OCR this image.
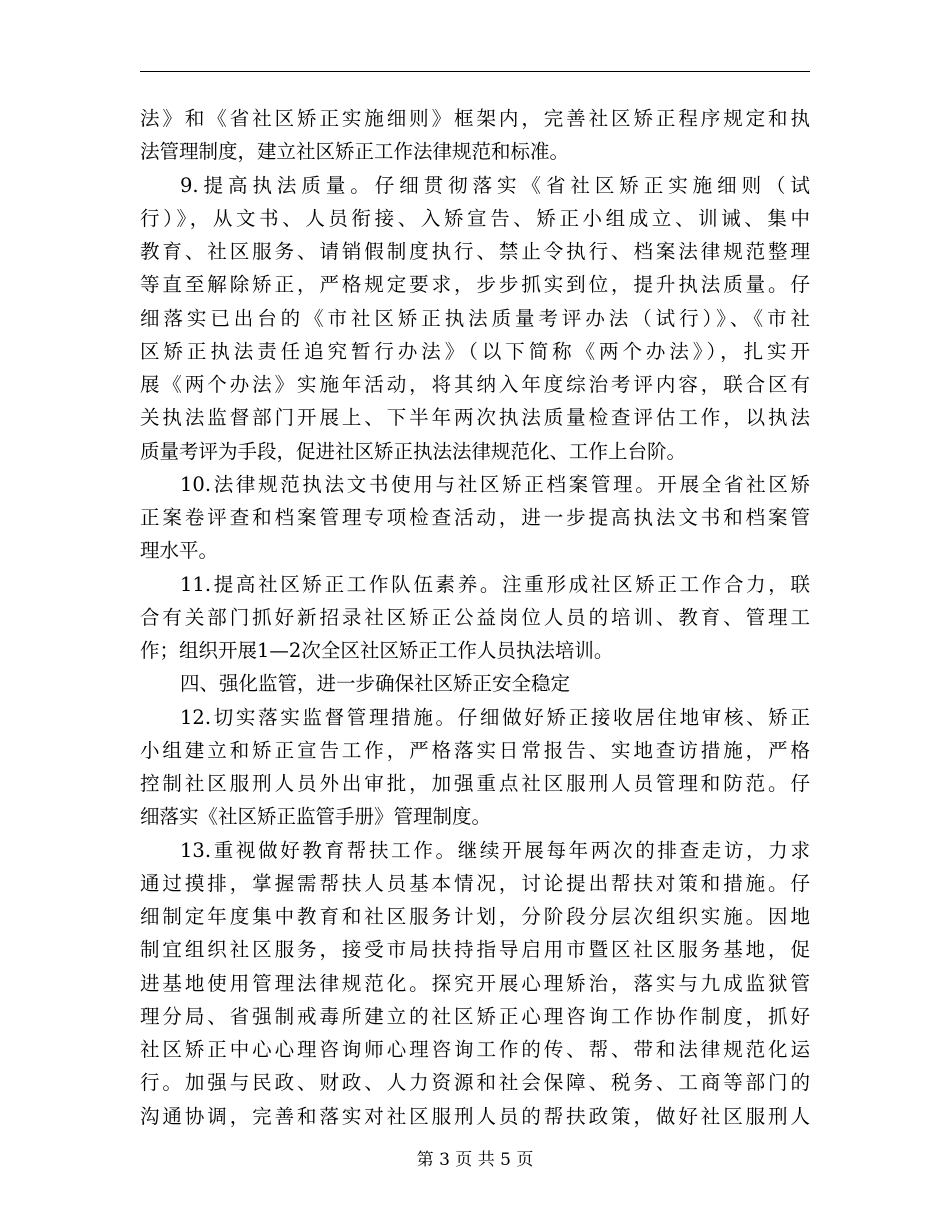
法》和《省社区矫正实施细则》框架内，完善社区矫正程序规定和执
法管理制度，建立社区矫正工作法律规范和标准。
9.提高执法质量。仔细贯彻落实《省社区矫正实施细则（试
行）》，从文书、人员衔接、入矫宣告、矫正小组成立、训诫、集中
教育、社区服务、请销假制度执行、禁止令执行、档案法律规范整理
等直至解除矫正，严格规定要求，步步抓实到位，提升执法质量。仔
细落实已出台的《市社区矫正执法质量考评办法（试行）》、《市社
区矫正执法责任追究暂行办法》（以下简称《两个办法》），扎实开
展《两个办法》实施年活动，将其纳入年度综治考评内容，联合区有
关执法监督部门开展上、下半年两次执法质量检查评估工作，以执法
质量考评为手段，促进社区矫正执法法律规范化、工作上台阶。
10.法律规范执法文书使用与社区矫正档案管理。开展全省社区矫
正案卷评查和档案管理专项检查活动，进一步提高执法文书和档案管
理水平。
11.提高社区矫正工作队伍素养。注重形成社区矫正工作合力，联
合有关部门抓好新招录社区矫正公益岗位人员的培训、教育、管理工
作；组织开展1—2次全区社区矫正工作人员执法培训。
四、强化监管，进一步确保社区矫正安全稳定
12.切实落实监督管理措施。仔细做好矫正接收居住地审核、矫正
小组建立和矫正宣告工作，严格落实日常报告、实地查访措施，严格
控制社区服刑人员外出审批，加强重点社区服刑人员管理和防范。仔
细落实《社区矫正监管手册》管理制度。
13.重视做好教育帮扶工作。继续开展每年两次的排查走访，力求
通过摸排，掌握需帮扶人员基本情况，讨论提出帮扶对策和措施。仔
细制定年度集中教育和社区服务计划，分阶段分层次组织实施。因地
制宜组织社区服务，接受市局扶持指导启用市暨区社区服务基地，促
进基地使用管理法律规范化。探究开展心理矫治，落实与九成监狱管
理分局、省强制戒毒所建立的社区矫正心理咨询工作协作制度，抓好
社区矫正中心心理咨询师心理咨询工作的传、帮、带和法律规范化运
行。加强与民政、财政、人力资源和社会保障、税务、工商等部门的
沟通协调，完善和落实对社区服刑人员的帮扶政策，做好社区服刑人
第 3 页 共 5 页
